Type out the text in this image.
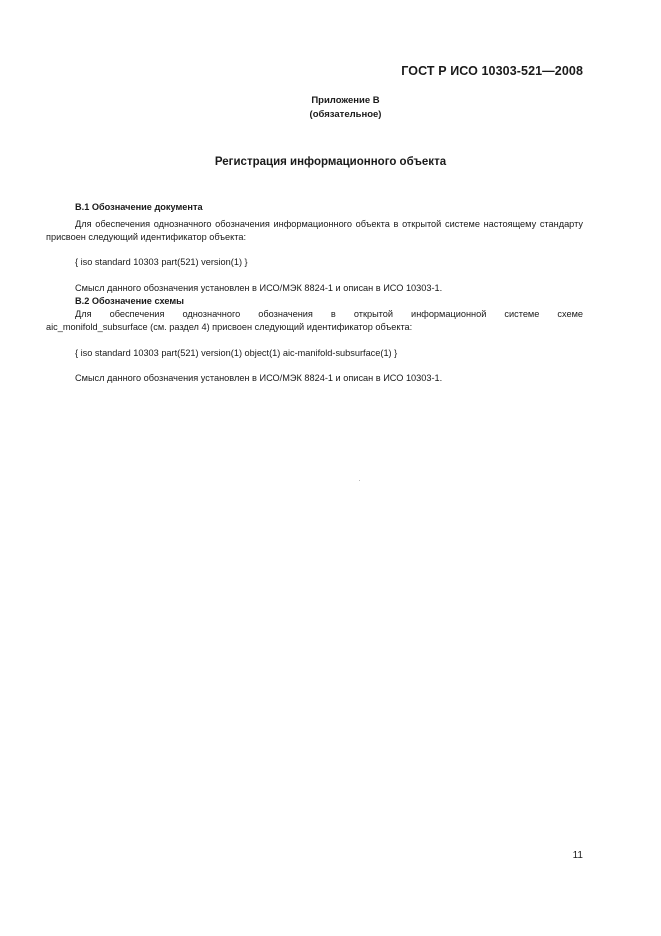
ГОСТ Р ИСО 10303-521—2008
Приложение В
(обязательное)
Регистрация информационного объекта
В.1 Обозначение документа
Для обеспечения однозначного обозначения информационного объекта в открытой системе настоящему стандарту присвоен следующий идентификатор объекта:
{ iso standard 10303 part(521) version(1) }
Смысл данного обозначения установлен в ИСО/МЭК 8824-1 и описан в ИСО 10303-1.
В.2 Обозначение схемы
Для обеспечения однозначного обозначения в открытой информационной системе схеме
aic_monifold_subsurface (см. раздел 4) присвоен следующий идентификатор объекта:
{ iso standard 10303 part(521) version(1) object(1) aic-manifold-subsurface(1) }
Смысл данного обозначения установлен в ИСО/МЭК 8824-1 и описан в ИСО 10303-1.
11
